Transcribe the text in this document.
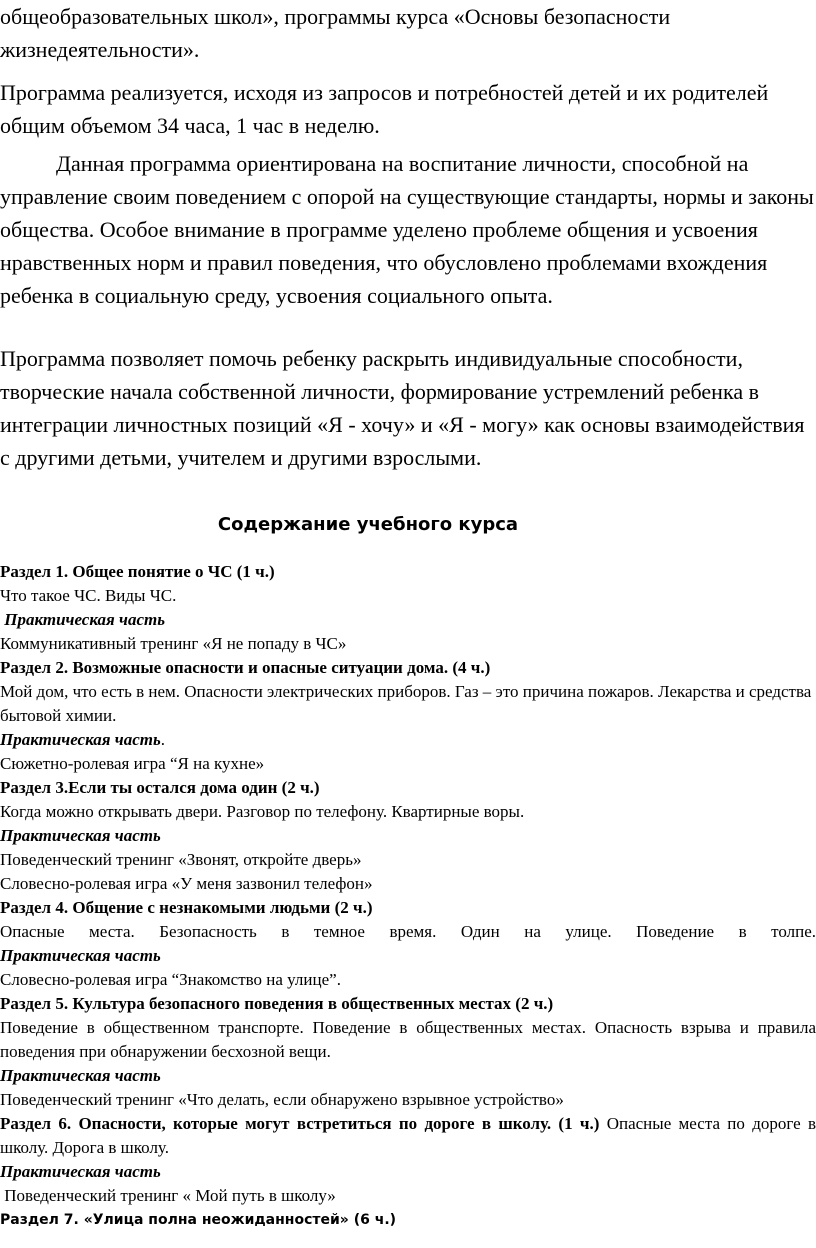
общеобразовательных школ», программы курса «Основы безопасности жизнедеятельности».

Программа реализуется, исходя из запросов и потребностей детей и их родителей общим объемом 34 часа, 1 час в неделю.

Данная программа ориентирована на воспитание личности, способной на управление своим поведением с опорой на существующие стандарты, нормы и законы общества. Особое внимание в программе уделено проблеме общения и усвоения нравственных норм и правил поведения, что обусловлено проблемами вхождения ребенка в социальную среду, усвоения социального опыта.

Программа позволяет помочь ребенку раскрыть индивидуальные способности, творческие начала собственной личности, формирование устремлений ребенка в интеграции личностных позиций «Я - хочу» и «Я - могу» как основы взаимодействия с другими детьми, учителем и другими взрослыми.

Содержание учебного курса
Раздел 1. Общее понятие о ЧС (1 ч.)
Что такое ЧС. Виды ЧС.
Практическая часть
Коммуникативный тренинг «Я не попаду в ЧС»
Раздел 2. Возможные опасности и опасные ситуации дома. (4 ч.)
Мой дом, что есть в нем. Опасности электрических приборов. Газ – это причина пожаров. Лекарства и средства бытовой химии.
Практическая часть.
Сюжетно-ролевая игра “Я на кухне»
Раздел 3.Если ты остался дома один (2 ч.)
Когда можно открывать двери. Разговор по телефону. Квартирные воры.
Практическая часть
Поведенческий тренинг «Звонят, откройте дверь»
Словесно-ролевая игра «У меня зазвонил телефон»
Раздел 4. Общение с незнакомыми людьми (2 ч.)
Опасные места. Безопасность в темное время. Один на улице. Поведение в толпе.
Практическая часть
Словесно-ролевая игра “Знакомство на улице”.
Раздел 5. Культура безопасного поведения в общественных местах (2 ч.)
Поведение в общественном транспорте. Поведение в общественных местах. Опасность взрыва и правила поведения при обнаружении бесхозной вещи.
Практическая часть
Поведенческий тренинг «Что делать, если обнаружено взрывное устройство»
Раздел 6. Опасности, которые могут встретиться по дороге в школу. (1 ч.) Опасные места по дороге в школу. Дорога в школу.
Практическая часть
Поведенческий тренинг « Мой путь в школу»
Раздел 7. «Улица полна неожиданностей» (6 ч.)
